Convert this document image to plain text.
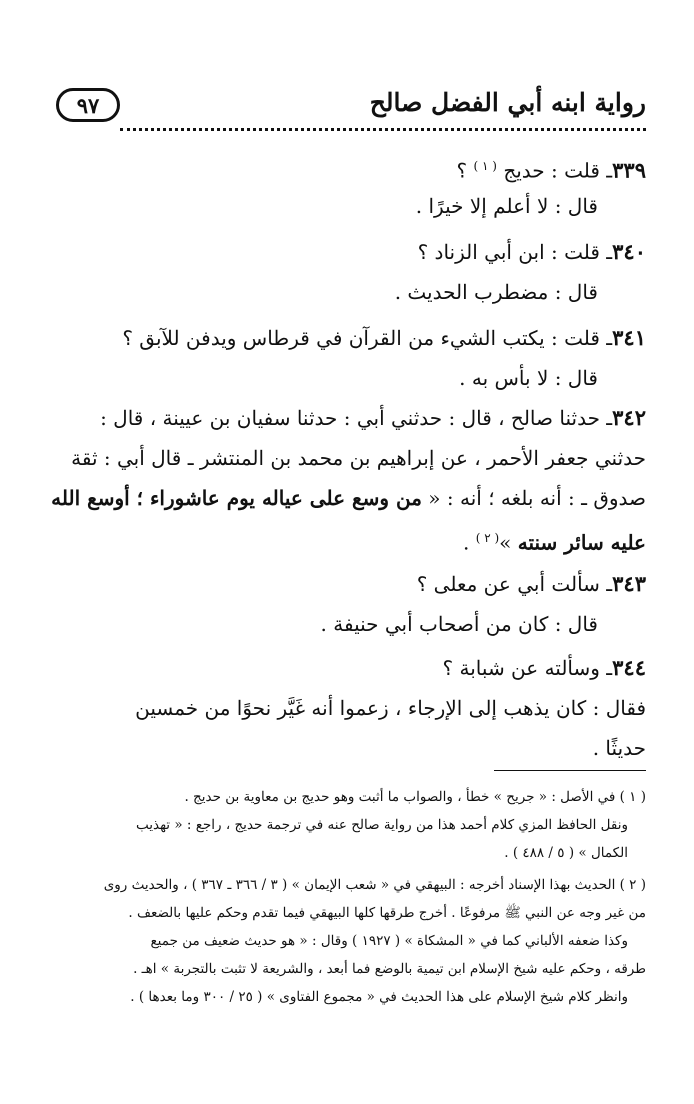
رواية ابنه أبي الفضل صالح
٩٧
٣٣٩ـ قلت : حديج $^{( ١ )}$ ؟
قال : لا أعلم إلا خيرًا .
٣٤٠ـ قلت : ابن أبي الزناد ؟
قال : مضطرب الحديث .
٣٤١ـ قلت : يكتب الشيء من القرآن في قرطاس ويدفن للآبق ؟
قال : لا بأس به .
٣٤٢ـ حدثنا صالح ، قال : حدثني أبي : حدثنا سفيان بن عيينة ، قال :
حدثني جعفر الأحمر ، عن إبراهيم بن محمد بن المنتشر ـ قال أبي : ثقة
صدوق ـ : أنه بلغه ؛ أنه : « من وسع على عياله يوم عاشوراء ؛ أوسع الله
عليه سائر سنته »$^{( ٢ )}$ .
٣٤٣ـ سألت أبي عن معلى ؟
قال : كان من أصحاب أبي حنيفة .
٣٤٤ـ وسألته عن شبابة ؟
فقال : كان يذهب إلى الإرجاء ، زعموا أنه غَيَّر نحوًا من خمسين
حديثًا .
( ١ ) في الأصل : « جريح » خطأ ، والصواب ما أثبت وهو حديج بن معاوية بن حديج .
ونقل الحافظ المزي كلام أحمد هذا من رواية صالح عنه في ترجمة حديج ، راجع : « تهذيب
الكمال » ( ٥ / ٤٨٨ ) .
( ٢ ) الحديث بهذا الإسناد أخرجه : البيهقي في « شعب الإيمان » ( ٣ / ٣٦٦ ـ ٣٦٧ ) ، والحديث روى
من غير وجه عن النبي ﷺ مرفوعًا . أخرج طرقها كلها البيهقي فيما تقدم وحكم عليها بالضعف .
وكذا ضعفه الألباني كما في « المشكاة » ( ١٩٢٧ ) وقال : « هو حديث ضعيف من جميع
طرقه ، وحكم عليه شيخ الإسلام ابن تيمية بالوضع فما أبعد ، والشريعة لا تثبت بالتجربة » اهـ .
وانظر كلام شيخ الإسلام على هذا الحديث في « مجموع الفتاوى » ( ٢٥ / ٣٠٠ وما بعدها ) .
